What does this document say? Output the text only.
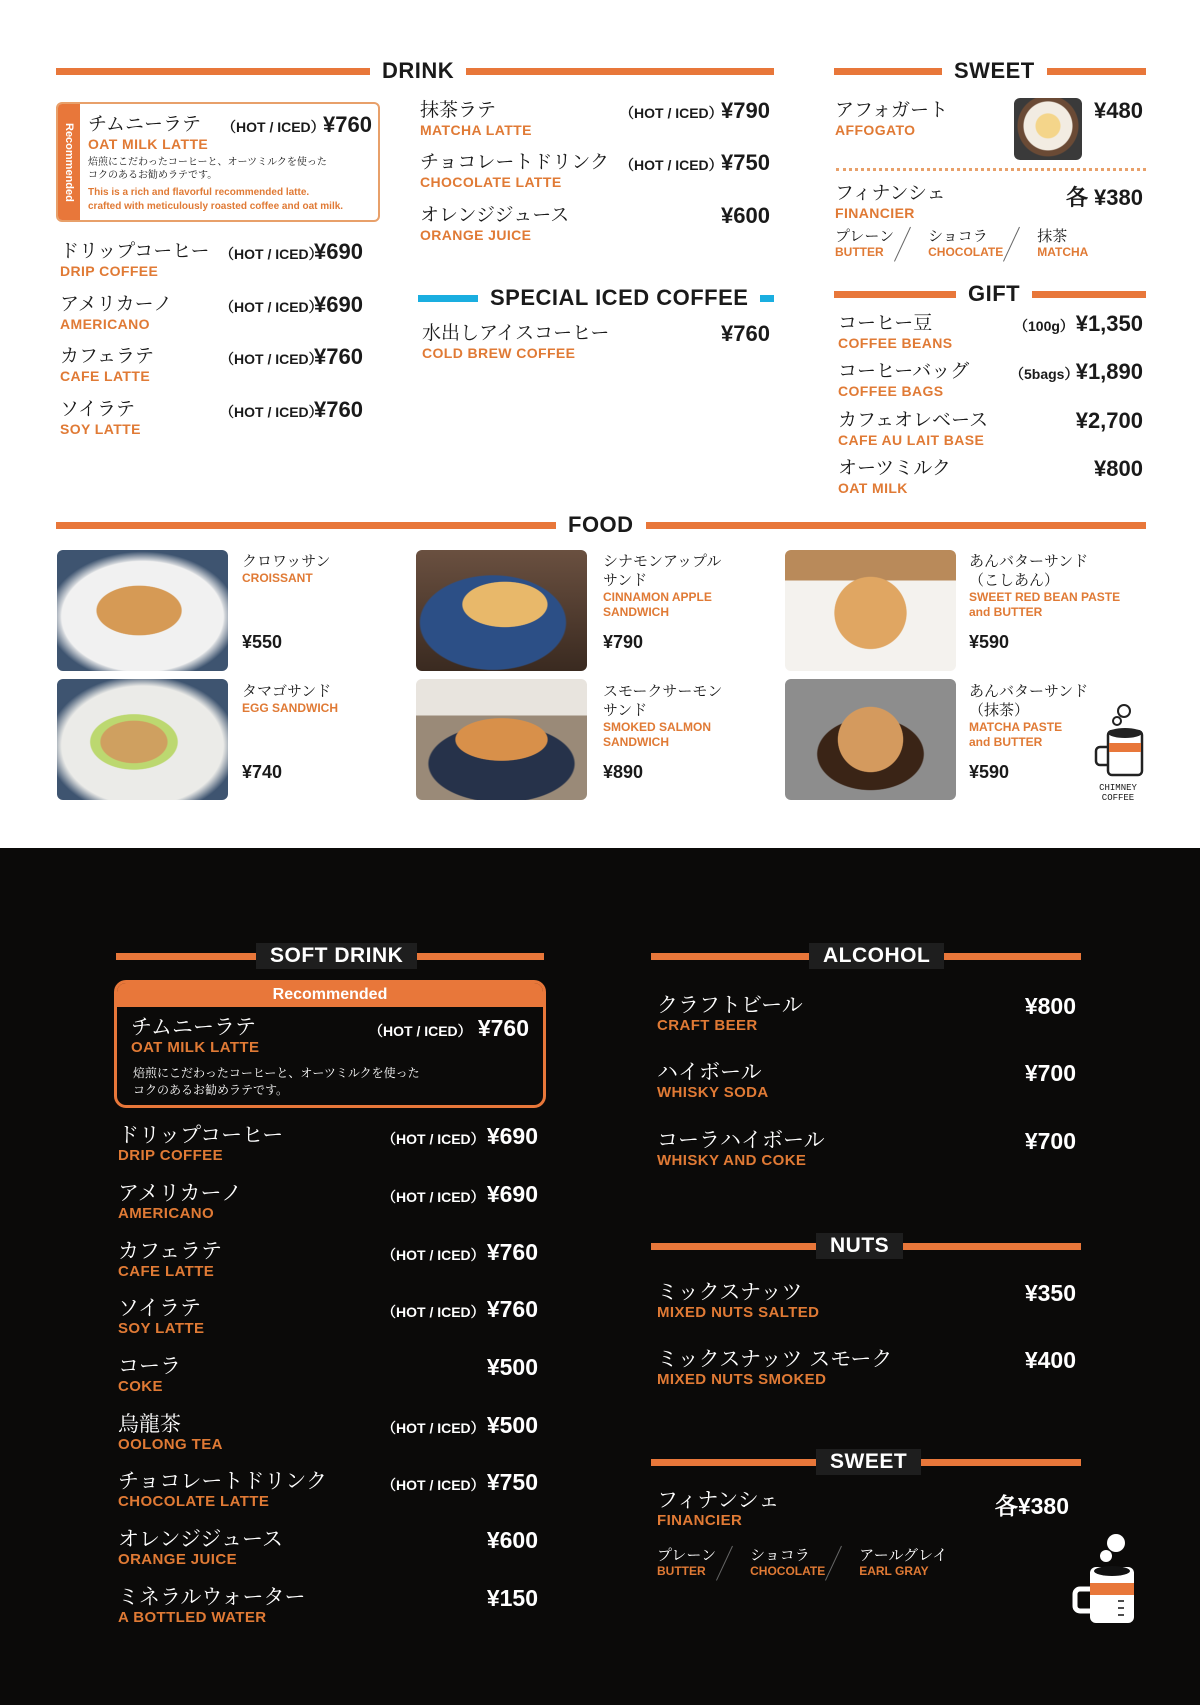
DRINK
Recommended チムニーラテ
OAT MILK LATTE
（HOT / ICED）
¥760
焙煎にこだわったコーヒーと、オーツミルクを使った
コクのあるお勧めラテです。
This is a rich and flavorful recommended latte.
crafted with meticulously roasted coffee and oat milk.
ドリップコーヒー
DRIP COFFEE
（HOT / ICED）
¥690
アメリカーノ
AMERICANO
（HOT / ICED）
¥690
カフェラテ
CAFE LATTE
（HOT / ICED）
¥760
ソイラテ
SOY LATTE
（HOT / ICED）
¥760
抹茶ラテ
MATCHA LATTE
（HOT / ICED）
¥790
チョコレートドリンク
CHOCOLATE LATTE
（HOT / ICED）
¥750
オレンジジュース
ORANGE JUICE
¥600
SPECIAL ICED COFFEE
水出しアイスコーヒー
COLD BREW COFFEE
¥760
SWEET
アフォガート
AFFOGATO
¥480
フィナンシェ
FINANCIER
各 ¥380
プレーン
BUTTER
ショコラ
CHOCOLATE
抹茶
MATCHA
GIFT
コーヒー豆
COFFEE BEANS
（100g） ¥1,350
コーヒーバッグ
COFFEE BAGS
（5bags）
¥1,890
カフェオレベース
CAFE AU LAIT BASE
¥2,700
オーツミルク
OAT MILK
¥800
FOOD
クロワッサン
CROISSANT
¥550
シナモンアップル
サンド
CINNAMON APPLE
SANDWICH
¥790
あんバターサンド
（こしあん）
SWEET RED BEAN PASTE
and BUTTER
¥590
タマゴサンド
EGG SANDWICH
¥740
スモークサーモン
サンド
SMOKED SALMON
SANDWICH
¥890
あんバターサンド
（抹茶）
MATCHA PASTE
and BUTTER
¥590
CHIMNEY
COFFEE
SOFT DRINK
Recommended
チムニーラテ
OAT MILK LATTE
（HOT / ICED） ¥760
焙煎にこだわったコーヒーと、オーツミルクを使った
コクのあるお勧めラテです。
ドリップコーヒー
DRIP COFFEE
（HOT / ICED） ¥690
アメリカーノ
AMERICANO
（HOT / ICED） ¥690
カフェラテ
CAFE LATTE
（HOT / ICED） ¥760
ソイラテ
SOY LATTE
（HOT / ICED） ¥760
コーラ
COKE
¥500
烏龍茶
OOLONG TEA
（HOT / ICED） ¥500
チョコレートドリンク
CHOCOLATE LATTE
（HOT / ICED） ¥750
オレンジジュース
ORANGE JUICE
¥600
ミネラルウォーター
A BOTTLED WATER
¥150
ALCOHOL
クラフトビール
CRAFT BEER
¥800
ハイボール
WHISKY SODA
¥700
コーラハイボール
WHISKY AND COKE
¥700
NUTS
ミックスナッツ
MIXED NUTS SALTED
¥350
ミックスナッツ スモーク
MIXED NUTS SMOKED
¥400
SWEET
フィナンシェ
FINANCIER
各¥380
プレーン
BUTTER
ショコラ
CHOCOLATE
アールグレイ
EARL GRAY
